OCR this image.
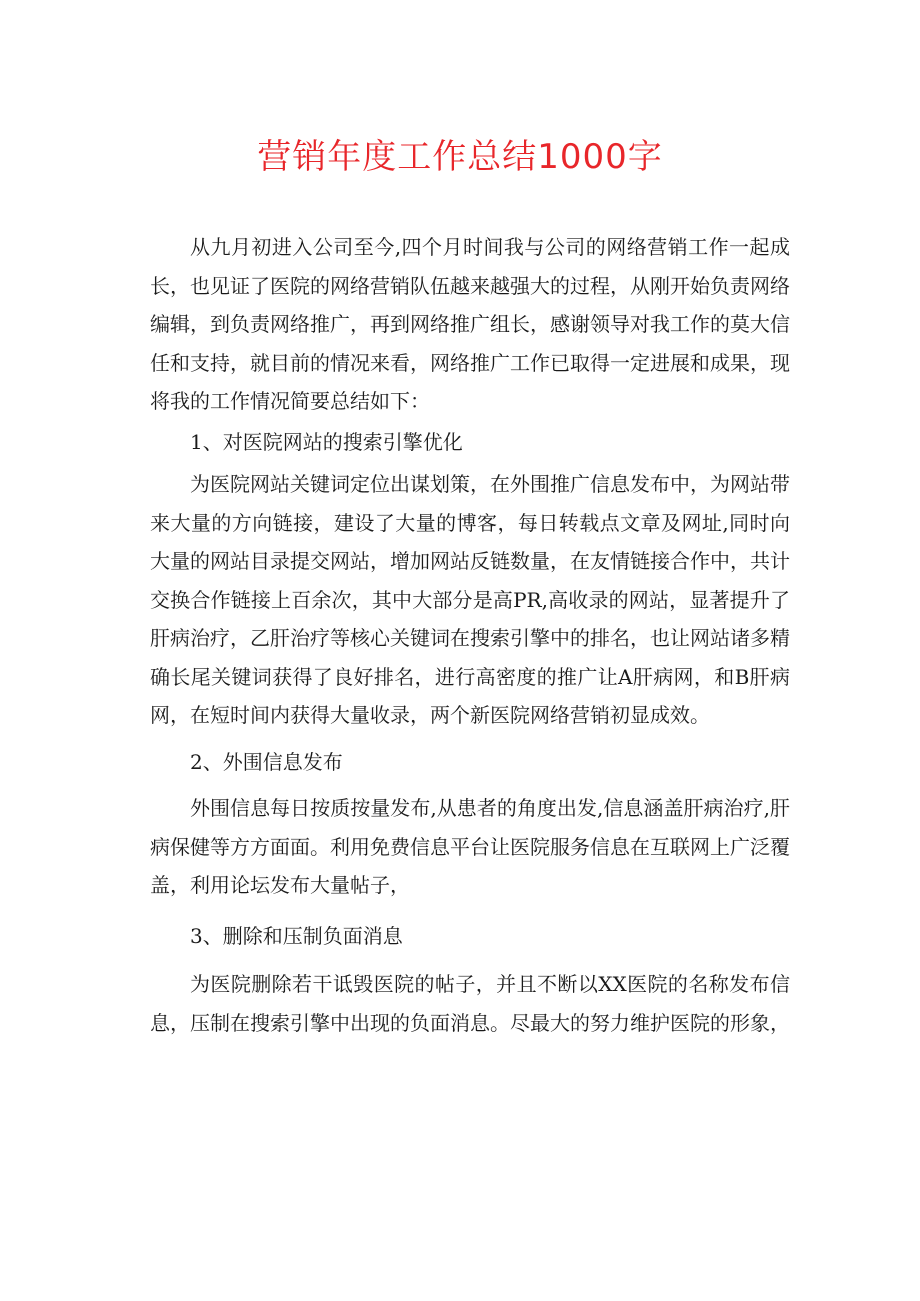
营销年度工作总结1000字

从九月初进入公司至今,四个月时间我与公司的网络营销工作一起成长，也见证了医院的网络营销队伍越来越强大的过程，从刚开始负责网络编辑，到负责网络推广，再到网络推广组长，感谢领导对我工作的莫大信任和支持，就目前的情况来看，网络推广工作已取得一定进展和成果，现将我的工作情况简要总结如下：

1、对医院网站的搜索引擎优化

为医院网站关键词定位出谋划策，在外围推广信息发布中，为网站带来大量的方向链接，建设了大量的博客，每日转载点文章及网址,同时向大量的网站目录提交网站，增加网站反链数量，在友情链接合作中，共计交换合作链接上百余次，其中大部分是高PR,高收录的网站，显著提升了肝病治疗，乙肝治疗等核心关键词在搜索引擎中的排名，也让网站诸多精确长尾关键词获得了良好排名，进行高密度的推广让A肝病网，和B肝病网，在短时间内获得大量收录，两个新医院网络营销初显成效。

2、外围信息发布

外围信息每日按质按量发布,从患者的角度出发,信息涵盖肝病治疗,肝病保健等方方面面。利用免费信息平台让医院服务信息在互联网上广泛覆盖，利用论坛发布大量帖子，

3、删除和压制负面消息

为医院删除若干诋毁医院的帖子，并且不断以XX医院的名称发布信息，压制在搜索引擎中出现的负面消息。尽最大的努力维护医院的形象，
